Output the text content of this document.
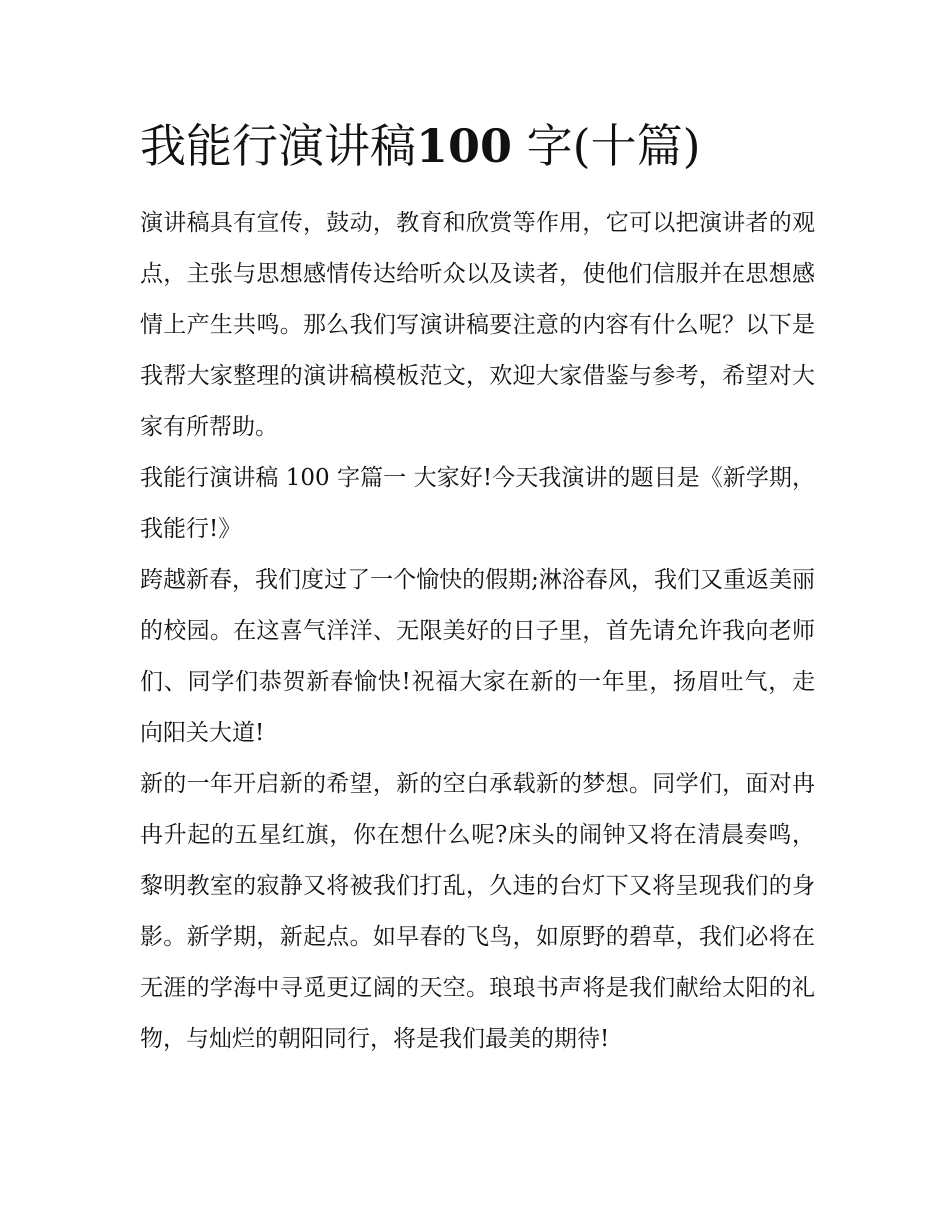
我能行演讲稿100 字(十篇)

演讲稿具有宣传，鼓动，教育和欣赏等作用，它可以把演讲者的观点，主张与思想感情传达给听众以及读者，使他们信服并在思想感情上产生共鸣。那么我们写演讲稿要注意的内容有什么呢？以下是我帮大家整理的演讲稿模板范文，欢迎大家借鉴与参考，希望对大家有所帮助。

我能行演讲稿 100 字篇一 大家好!今天我演讲的题目是《新学期，我能行!》

跨越新春，我们度过了一个愉快的假期;淋浴春风，我们又重返美丽的校园。在这喜气洋洋、无限美好的日子里，首先请允许我向老师们、同学们恭贺新春愉快!祝福大家在新的一年里，扬眉吐气，走向阳关大道!

新的一年开启新的希望，新的空白承载新的梦想。同学们，面对冉冉升起的五星红旗，你在想什么呢?床头的闹钟又将在清晨奏鸣，黎明教室的寂静又将被我们打乱，久违的台灯下又将呈现我们的身影。新学期，新起点。如早春的飞鸟，如原野的碧草，我们必将在无涯的学海中寻觅更辽阔的天空。琅琅书声将是我们献给太阳的礼物，与灿烂的朝阳同行，将是我们最美的期待!
